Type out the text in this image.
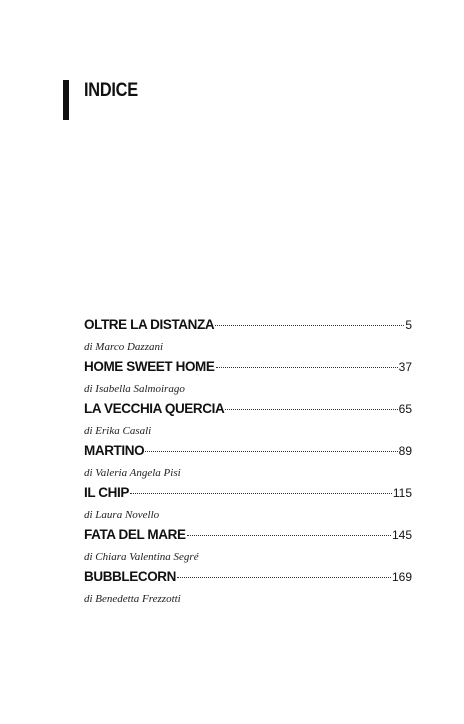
INDICE
OLTRE LA DISTANZA	5
di Marco Dazzani
HOME SWEET HOME	37
di Isabella Salmoirago
LA VECCHIA QUERCIA	65
di Erika Casali
MARTINO	89
di Valeria Angela Pisi
IL CHIP	115
di Laura Novello
FATA DEL MARE	145
di Chiara Valentina Segré
BUBBLECORN	169
di Benedetta Frezzotti
